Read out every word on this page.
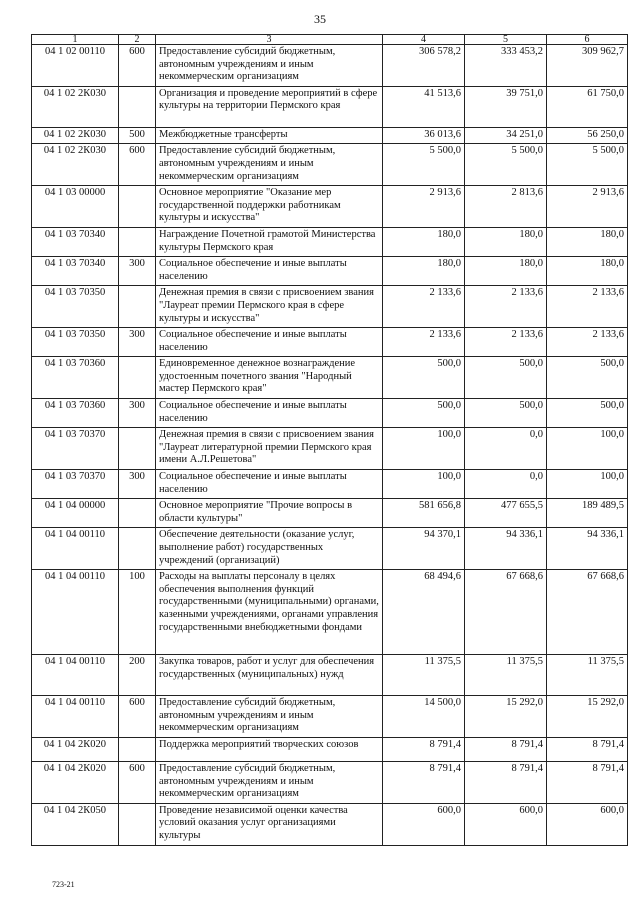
35
1	2	3	4	5	6
04 1 02 00110	600	Предоставление субсидий бюджетным, автономным учреждениям и иным некоммерческим организациям	306 578,2	333 453,2	309 962,7
04 1 02 2К030		Организация и проведение мероприятий в сфере культуры на территории Пермского края	41 513,6	39 751,0	61 750,0
04 1 02 2К030	500	Межбюджетные трансферты	36 013,6	34 251,0	56 250,0
04 1 02 2К030	600	Предоставление субсидий бюджетным, автономным учреждениям и иным некоммерческим организациям	5 500,0	5 500,0	5 500,0
04 1 03 00000		Основное мероприятие "Оказание мер государственной поддержки работникам культуры и искусства"	2 913,6	2 813,6	2 913,6
04 1 03 70340		Награждение Почетной грамотой Министерства культуры Пермского края	180,0	180,0	180,0
04 1 03 70340	300	Социальное обеспечение и иные выплаты населению	180,0	180,0	180,0
04 1 03 70350		Денежная премия в связи с присвоением звания "Лауреат премии Пермского края в сфере культуры и искусства"	2 133,6	2 133,6	2 133,6
04 1 03 70350	300	Социальное обеспечение и иные выплаты населению	2 133,6	2 133,6	2 133,6
04 1 03 70360		Единовременное денежное вознаграждение удостоенным почетного звания "Народный мастер Пермского края"	500,0	500,0	500,0
04 1 03 70360	300	Социальное обеспечение и иные выплаты населению	500,0	500,0	500,0
04 1 03 70370		Денежная премия в связи с присвоением звания "Лауреат литературной премии Пермского края имени А.Л.Решетова"	100,0	0,0	100,0
04 1 03 70370	300	Социальное обеспечение и иные выплаты населению	100,0	0,0	100,0
04 1 04 00000		Основное мероприятие "Прочие вопросы в области культуры"	581 656,8	477 655,5	189 489,5
04 1 04 00110		Обеспечение деятельности (оказание услуг, выполнение работ) государственных учреждений (организаций)	94 370,1	94 336,1	94 336,1
04 1 04 00110	100	Расходы на выплаты персоналу в целях обеспечения выполнения функций государственными (муниципальными) органами, казенными учреждениями, органами управления государственными внебюджетными фондами	68 494,6	67 668,6	67 668,6
04 1 04 00110	200	Закупка товаров, работ и услуг для обеспечения государственных (муниципальных) нужд	11 375,5	11 375,5	11 375,5
04 1 04 00110	600	Предоставление субсидий бюджетным, автономным учреждениям и иным некоммерческим организациям	14 500,0	15 292,0	15 292,0
04 1 04 2К020		Поддержка мероприятий творческих союзов	8 791,4	8 791,4	8 791,4
04 1 04 2К020	600	Предоставление субсидий бюджетным, автономным учреждениям и иным некоммерческим организациям	8 791,4	8 791,4	8 791,4
04 1 04 2К050		Проведение независимой оценки качества условий оказания услуг организациями культуры	600,0	600,0	600,0
723-21
